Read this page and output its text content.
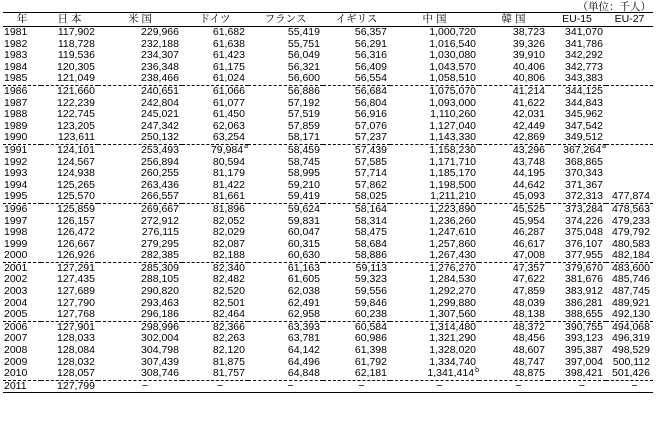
（単位：千人）
年	日 本	米 国	ドイツ	フランス	イギリス	中 国	韓 国	EU-15	EU-27
1981	117,902	229,966	61,682	55,419	56,357	1,000,720	38,723	341,070	
1982	118,728	232,188	61,638	55,751	56,291	1,016,540	39,326	341,786	
1983	119,536	234,307	61,423	56,049	56,316	1,030,080	39,910	342,292	
1984	120,305	236,348	61,175	56,321	56,409	1,043,570	40,406	342,773	
1985	121,049	238,466	61,024	56,600	56,554	1,058,510	40,806	343,383	
1986	121,660	240,651	61,066	56,886	56,684	1,075,070	41,214	344,125	
1987	122,239	242,804	61,077	57,192	56,804	1,093,000	41,622	344,843	
1988	122,745	245,021	61,450	57,519	56,916	1,110,260	42,031	345,962	
1989	123,205	247,342	62,063	57,859	57,076	1,127,040	42,449	347,542	
1990	123,611	250,132	63,254	58,171	57,237	1,143,330	42,869	349,512	
1991	124,101	253,493	79,984$^a$	58,459	57,439	1,158,230	43,296	367,264$^a$	
1992	124,567	256,894	80,594	58,745	57,585	1,171,710	43,748	368,865	
1993	124,938	260,255	81,179	58,995	57,714	1,185,170	44,195	370,343	
1994	125,265	263,436	81,422	59,210	57,862	1,198,500	44,642	371,367	
1995	125,570	266,557	81,661	59,419	58,025	1,211,210	45,093	372,313	477,874
1996	125,859	269,667	81,896	59,624	58,164	1,223,890	45,525	373,284	478,563
1997	126,157	272,912	82,052	59,831	58,314	1,236,260	45,954	374,226	479,233
1998	126,472	276,115	82,029	60,047	58,475	1,247,610	46,287	375,048	479,792
1999	126,667	279,295	82,087	60,315	58,684	1,257,860	46,617	376,107	480,583
2000	126,926	282,385	82,188	60,630	58,886	1,267,430	47,008	377,955	482,184
2001	127,291	285,309	82,340	61,163	59,113	1,276,270	47,357	379,670	483,600
2002	127,435	288,105	82,482	61,605	59,323	1,284,530	47,622	381,676	485,746
2003	127,689	290,820	82,520	62,038	59,556	1,292,270	47,859	383,912	487,745
2004	127,790	293,463	82,501	62,491	59,846	1,299,880	48,039	386,281	489,921
2005	127,768	296,186	82,464	62,958	60,238	1,307,560	48,138	388,655	492,130
2006	127,901	298,996	82,366	63,393	60,584	1,314,480	48,372	390,755	494,068
2007	128,033	302,004	82,263	63,781	60,986	1,321,290	48,456	393,123	496,319
2008	128,084	304,798	82,120	64,142	61,398	1,328,020	48,607	395,387	498,529
2009	128,032	307,439	81,875	64,496	61,792	1,334,740	48,747	397,004	500,112
2010	128,057	308,746	81,757	64,848	62,181	1,341,414$^b$	48,875	398,421	501,426
2011	127,799	−	−	−	−	−	−	−	−
